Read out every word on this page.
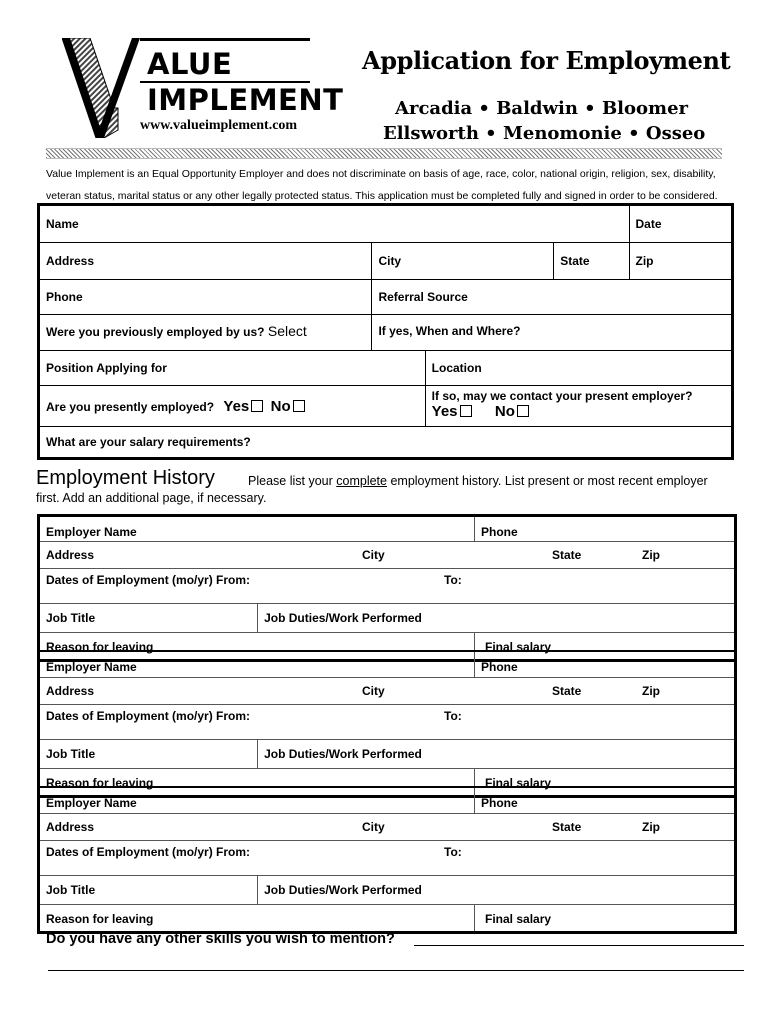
ALUE
IMPLEMENT
www.valueimplement.com
Application for Employment
Arcadia • Baldwin • Bloomer
Ellsworth • Menomonie • Osseo
Value Implement is an Equal Opportunity Employer and does not discriminate on basis of age, race, color, national origin, religion, sex, disability,
veteran status, marital status or any other legally protected status. This application must be completed fully and signed in order to be considered.
Name				Date

Address	City		State	Zip

Phone	Referral Source			

Were you previously employed by us? Select	If yes, When and Where?			

Position Applying for		Location		

Are you presently employed? Yes No		If so, may we contact your present employer?
Yes No		

What are your salary requirements?				
Employment History	Please list your complete employment history. List present or most recent employer
first. Add an additional page, if necessary.
Employer Name		Phone

Address City State Zip		

Dates of Employment (mo/yr) From: To:		

Job Title	Job Duties/Work Performed	

Reason for leaving		Final salary
Employer Name		Phone

Address City State Zip		

Dates of Employment (mo/yr) From: To:		

Job Title	Job Duties/Work Performed	

Reason for leaving		Final salary
Employer Name		Phone

Address City State Zip		

Dates of Employment (mo/yr) From: To:		

Job Title	Job Duties/Work Performed	

Reason for leaving		Final salary
Do you have any other skills you wish to mention?
